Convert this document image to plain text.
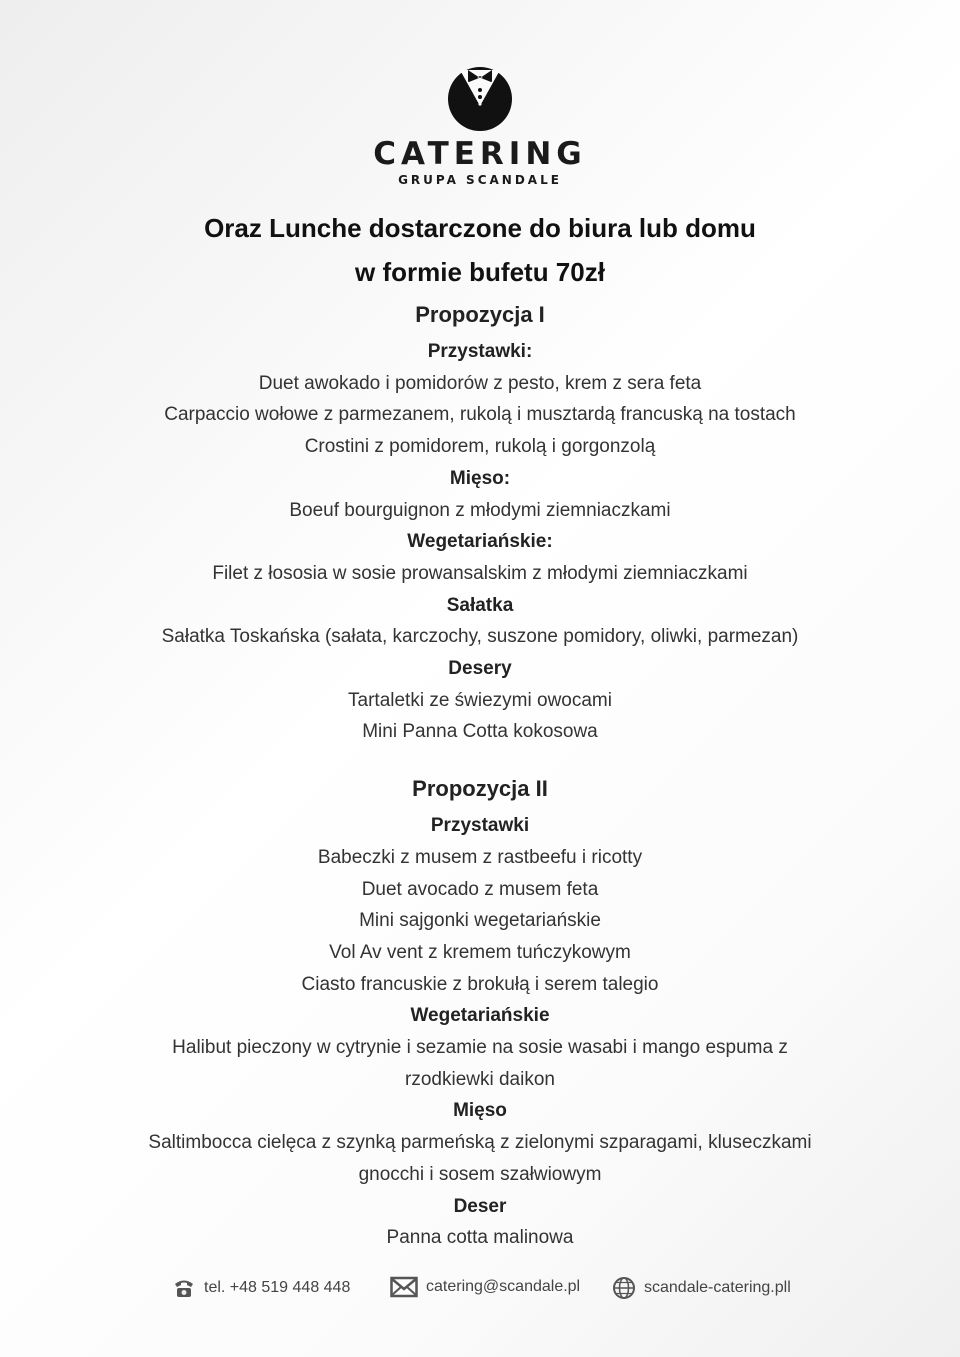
CATERING
GRUPA SCANDALE
Oraz Lunche dostarczone do biura lub domu
w formie bufetu 70zł
Propozycja I
Przystawki:
Duet awokado i pomidorów z pesto, krem z sera feta
Carpaccio wołowe z parmezanem, rukolą i musztardą francuską na tostach
Crostini z pomidorem, rukolą i gorgonzolą
Mięso:
Boeuf bourguignon z młodymi ziemniaczkami
Wegetariańskie:
Filet z łososia w sosie prowansalskim z młodymi ziemniaczkami
Sałatka
Sałatka Toskańska (sałata, karczochy, suszone pomidory, oliwki, parmezan)
Desery
Tartaletki ze świezymi owocami
Mini Panna Cotta kokosowa
Propozycja II
Przystawki
Babeczki z musem z rastbeefu i ricotty
Duet avocado z musem feta
Mini sajgonki wegetariańskie
Vol Av vent z kremem tuńczykowym
Ciasto francuskie z brokułą i serem talegio
Wegetariańskie
Halibut pieczony w cytrynie i sezamie na sosie wasabi i mango espuma z
rzodkiewki daikon
Mięso
Saltimbocca cielęca z szynką parmeńską z zielonymi szparagami, kluseczkami
gnocchi i sosem szałwiowym
Deser
Panna cotta malinowa
tel. +48 519 448 448	catering@scandale.pl	scandale-catering.pll
